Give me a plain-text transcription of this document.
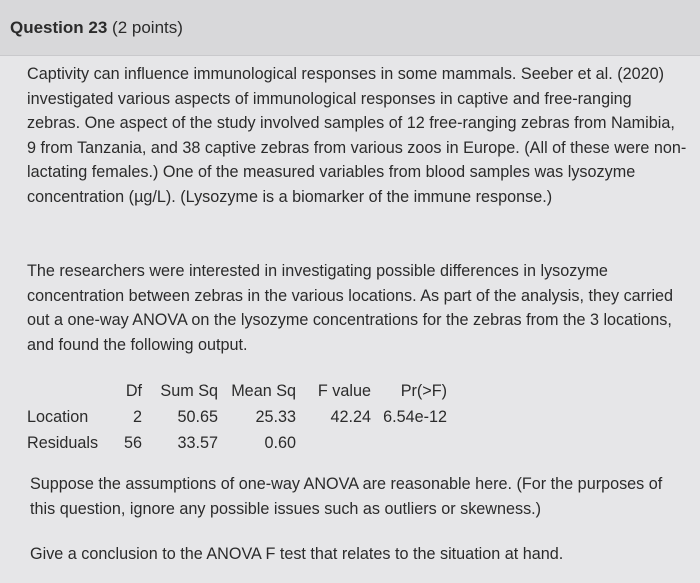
Question 23 (2 points)

Captivity can influence immunological responses in some mammals. Seeber et al. (2020) investigated various aspects of immunological responses in captive and free-ranging zebras. One aspect of the study involved samples of 12 free-ranging zebras from Namibia, 9 from Tanzania, and 38 captive zebras from various zoos in Europe. (All of these were non-lactating females.) One of the measured variables from blood samples was lysozyme concentration (µg/L). (Lysozyme is a biomarker of the immune response.)

The researchers were interested in investigating possible differences in lysozyme concentration between zebras in the various locations. As part of the analysis, they carried out a one-way ANOVA on the lysozyme concentrations for the zebras from the 3 locations, and found the following output.

	Df	Sum Sq	Mean Sq	F value	Pr(>F)
Location	2	50.65	25.33	42.24	6.54e-12
Residuals	56	33.57	0.60		

Suppose the assumptions of one-way ANOVA are reasonable here. (For the purposes of this question, ignore any possible issues such as outliers or skewness.)

Give a conclusion to the ANOVA F test that relates to the situation at hand.
